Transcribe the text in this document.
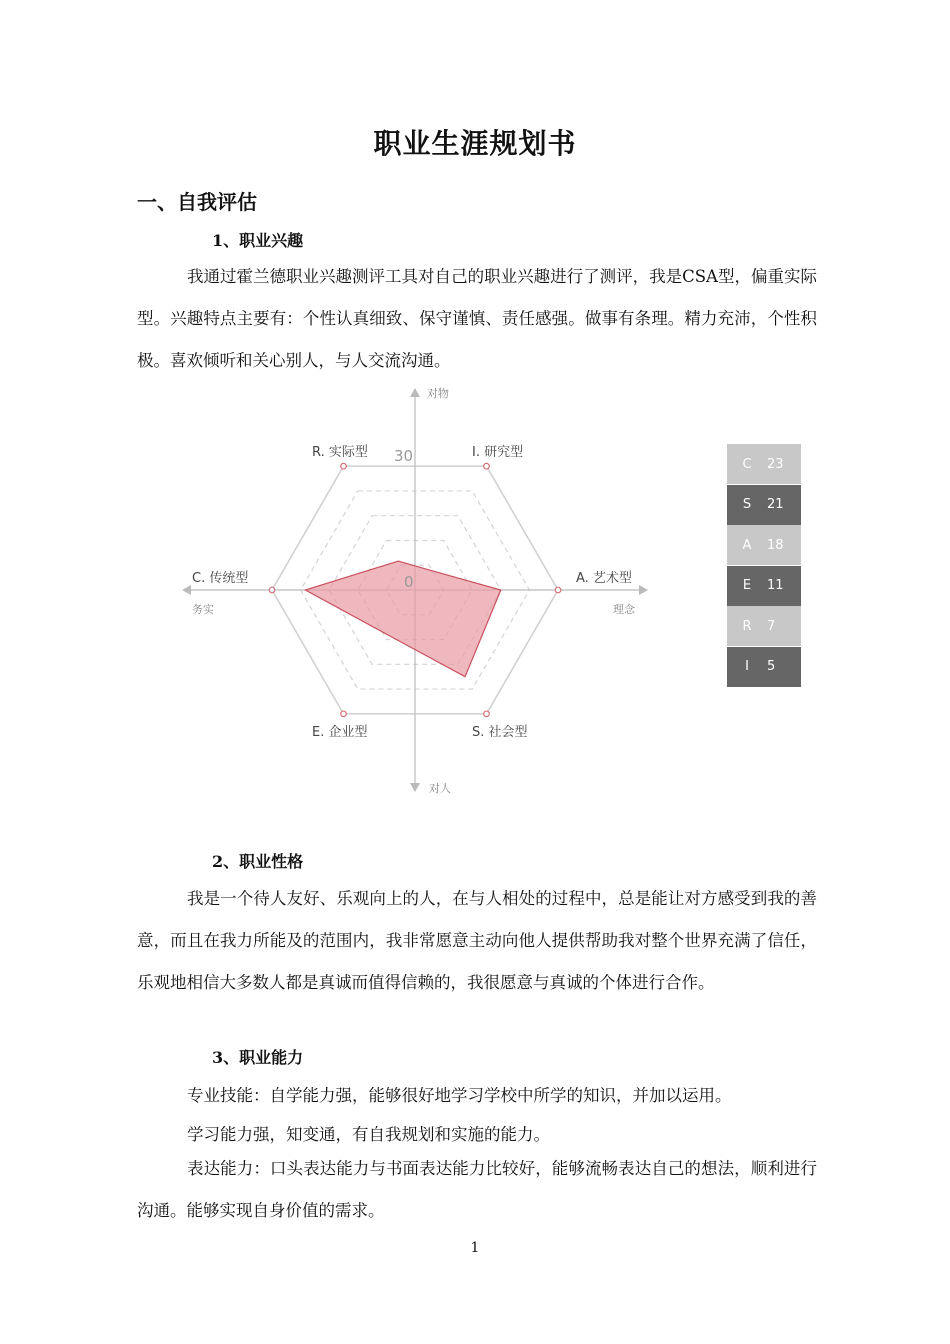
职业生涯规划书
一、自我评估
1、职业兴趣

我通过霍兰德职业兴趣测评工具对自己的职业兴趣进行了测评，我是CSA型，偏重实际型。兴趣特点主要有：个性认真细致、保守谨慎、责任感强。做事有条理。精力充沛，个性积极。喜欢倾听和关心别人，与人交流沟通。

30
0
R. 实际型	I. 研究型
A. 艺术型
S. 社会型
E. 企业型
C. 传统型
对物
对人
务实	理念
C	23
S	21
A	18
E	11
R	7
I	5
2、职业性格

我是一个待人友好、乐观向上的人，在与人相处的过程中，总是能让对方感受到我的善意，而且在我力所能及的范围内，我非常愿意主动向他人提供帮助我对整个世界充满了信任，乐观地相信大多数人都是真诚而值得信赖的，我很愿意与真诚的个体进行合作。

3、职业能力
专业技能：自学能力强，能够很好地学习学校中所学的知识，并加以运用。
学习能力强，知变通，有自我规划和实施的能力。

表达能力：口头表达能力与书面表达能力比较好，能够流畅表达自己的想法，顺利进行沟通。能够实现自身价值的需求。

1
